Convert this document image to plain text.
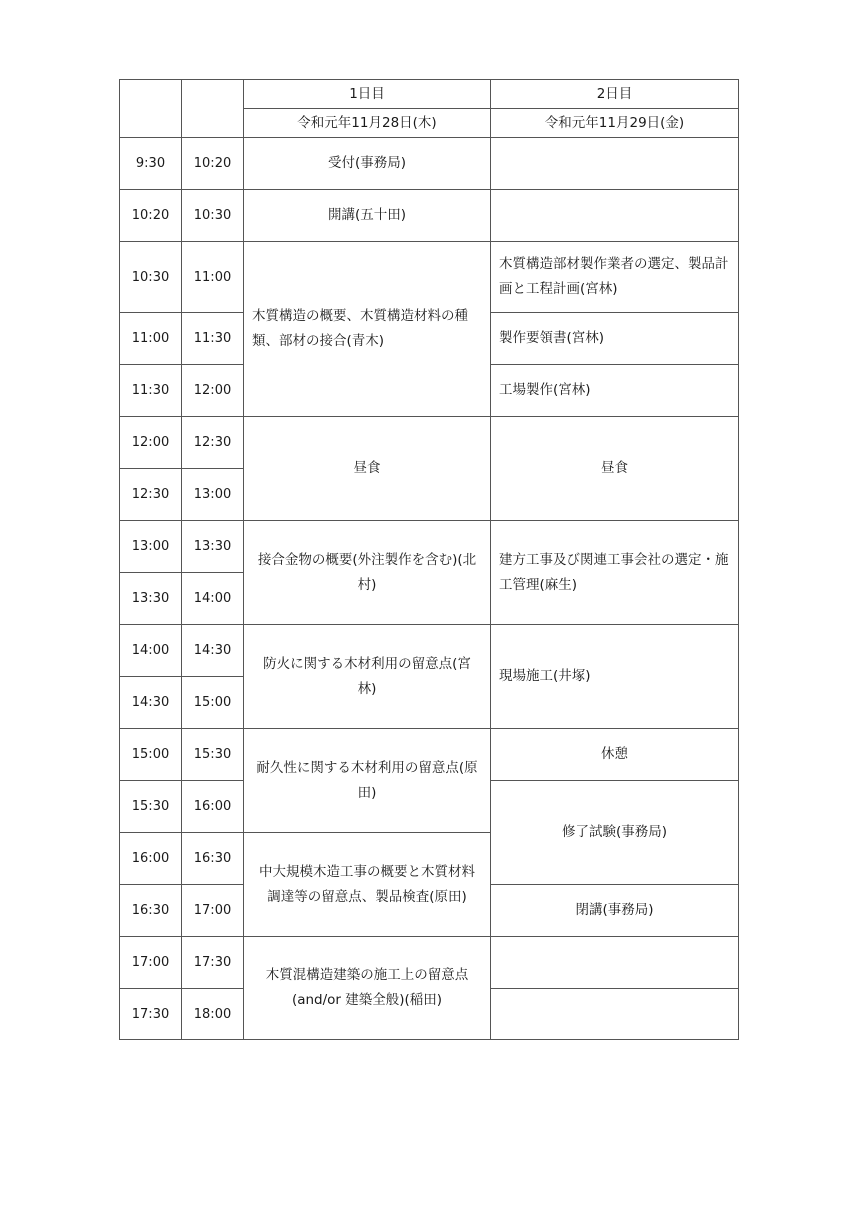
		1日目	2日目
		令和元年11月28日(木)	令和元年11月29日(金)
9:30	10:20	受付(事務局)	
10:20	10:30	開講(五十田)	
10:30	11:00	木質構造の概要、木質構造材料の種類、部材の接合(青木)	木質構造部材製作業者の選定、製品計画と工程計画(宮林)
11:00	11:30		製作要領書(宮林)
11:30	12:00		工場製作(宮林)
12:00	12:30	昼食	昼食
12:30	13:00		
13:00	13:30	接合金物の概要(外注製作を含む)(北村)	建方工事及び関連工事会社の選定・施工管理(麻生)
13:30	14:00		
14:00	14:30	防火に関する木材利用の留意点(宮林)	現場施工(井塚)
14:30	15:00		
15:00	15:30	耐久性に関する木材利用の留意点(原田)	休憩
15:30	16:00		修了試験(事務局)
16:00	16:30	中大規模木造工事の概要と木質材料調達等の留意点、製品検査(原田)	
16:30	17:00		閉講(事務局)
17:00	17:30	木質混構造建築の施工上の留意点(and/or 建築全般)(稲田)	
17:30	18:00		
